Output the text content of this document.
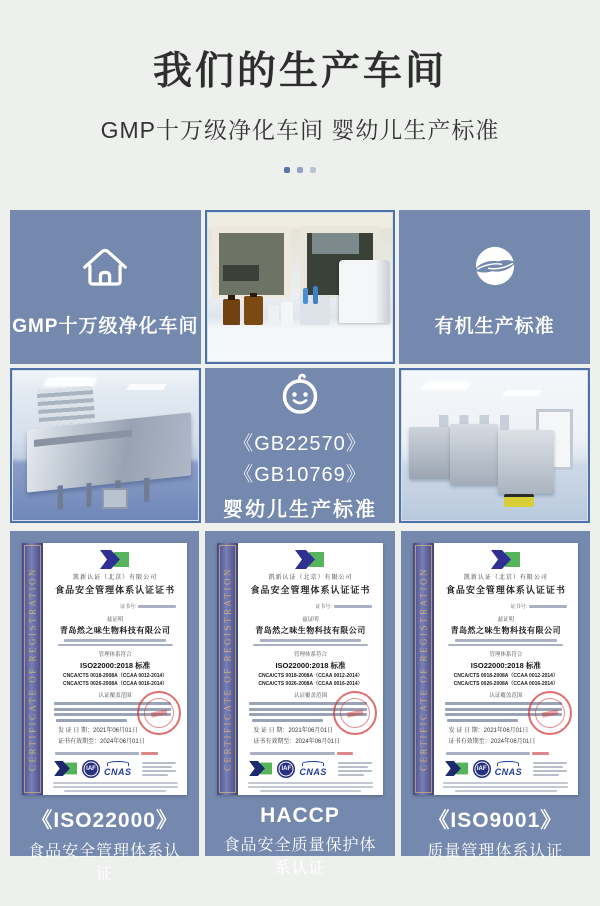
我们的生产车间
GMP十万级净化车间 婴幼儿生产标准
GMP十万级净化车间	有机生产标准
《GB22570》
《GB10769》
婴幼儿生产标准
CERTIFICATE OF REGISTRATION	凯新认证（北京）有限公司
食品安全管理体系认证证书
证书号:
兹证明
青岛然之味生物科技有限公司
管理体系符合
ISO22000:2018 标准
CNCA/CTS 0018-2008A（CCAA 0012-2014）
CNCA/CTS 0026-2008A（CCAA 0016-2014）
认证覆盖范围
发 证 日 期：2021年06月01日
证书有效期至：2024年06月01日
IAF CNAS
《ISO22000》
食品安全管理体系认证
CERTIFICATE OF REGISTRATION	凯新认证（北京）有限公司
食品安全管理体系认证证书
证书号:
兹证明
青岛然之味生物科技有限公司
管理体系符合
ISO22000:2018 标准
CNCA/CTS 0018-2008A（CCAA 0012-2014）
CNCA/CTS 0026-2008A（CCAA 0016-2014）
认证覆盖范围
发 证 日 期：2021年06月01日
证书有效期至：2024年06月01日
IAF CNAS
HACCP
食品安全质量保护体系认证
CERTIFICATE OF REGISTRATION	凯新认证（北京）有限公司
食品安全管理体系认证证书
证书号:
兹证明
青岛然之味生物科技有限公司
管理体系符合
ISO22000:2018 标准
CNCA/CTS 0018-2008A（CCAA 0012-2014）
CNCA/CTS 0026-2008A（CCAA 0016-2014）
认证覆盖范围
发 证 日 期：2021年06月01日
证书有效期至：2024年06月01日
IAF CNAS
《ISO9001》
质量管理体系认证
